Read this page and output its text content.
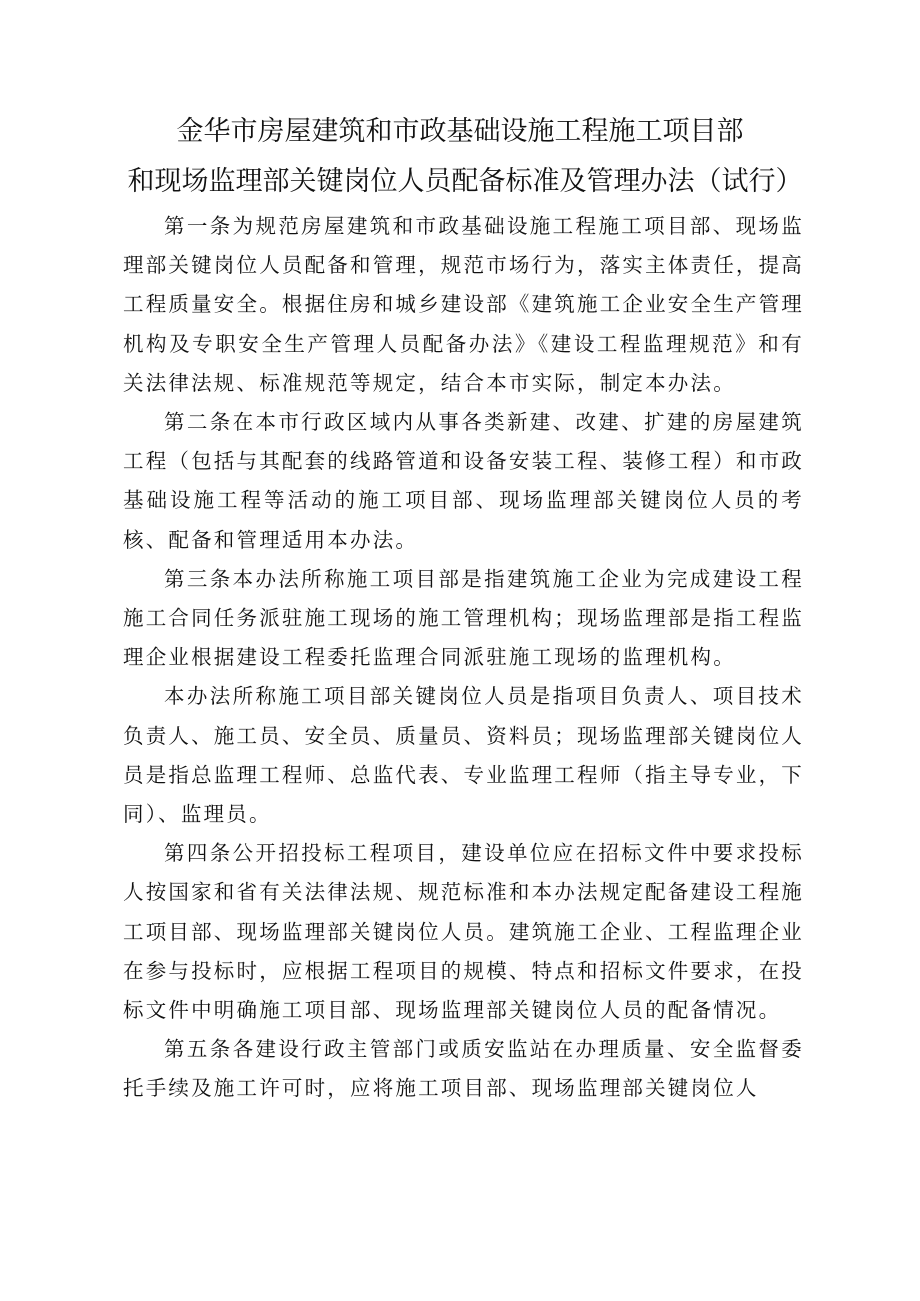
金华市房屋建筑和市政基础设施工程施工项目部
和现场监理部关键岗位人员配备标准及管理办法（试行）

第一条为规范房屋建筑和市政基础设施工程施工项目部、现场监理部关键岗位人员配备和管理，规范市场行为，落实主体责任，提高工程质量安全。根据住房和城乡建设部《建筑施工企业安全生产管理机构及专职安全生产管理人员配备办法》《建设工程监理规范》和有关法律法规、标准规范等规定，结合本市实际，制定本办法。

第二条在本市行政区域内从事各类新建、改建、扩建的房屋建筑工程（包括与其配套的线路管道和设备安装工程、装修工程）和市政基础设施工程等活动的施工项目部、现场监理部关键岗位人员的考核、配备和管理适用本办法。

第三条本办法所称施工项目部是指建筑施工企业为完成建设工程施工合同任务派驻施工现场的施工管理机构；现场监理部是指工程监理企业根据建设工程委托监理合同派驻施工现场的监理机构。

本办法所称施工项目部关键岗位人员是指项目负责人、项目技术负责人、施工员、安全员、质量员、资料员；现场监理部关键岗位人员是指总监理工程师、总监代表、专业监理工程师（指主导专业，下同）、监理员。

第四条公开招投标工程项目，建设单位应在招标文件中要求投标人按国家和省有关法律法规、规范标准和本办法规定配备建设工程施工项目部、现场监理部关键岗位人员。建筑施工企业、工程监理企业在参与投标时，应根据工程项目的规模、特点和招标文件要求，在投标文件中明确施工项目部、现场监理部关键岗位人员的配备情况。

第五条各建设行政主管部门或质安监站在办理质量、安全监督委托手续及施工许可时，应将施工项目部、现场监理部关键岗位人
